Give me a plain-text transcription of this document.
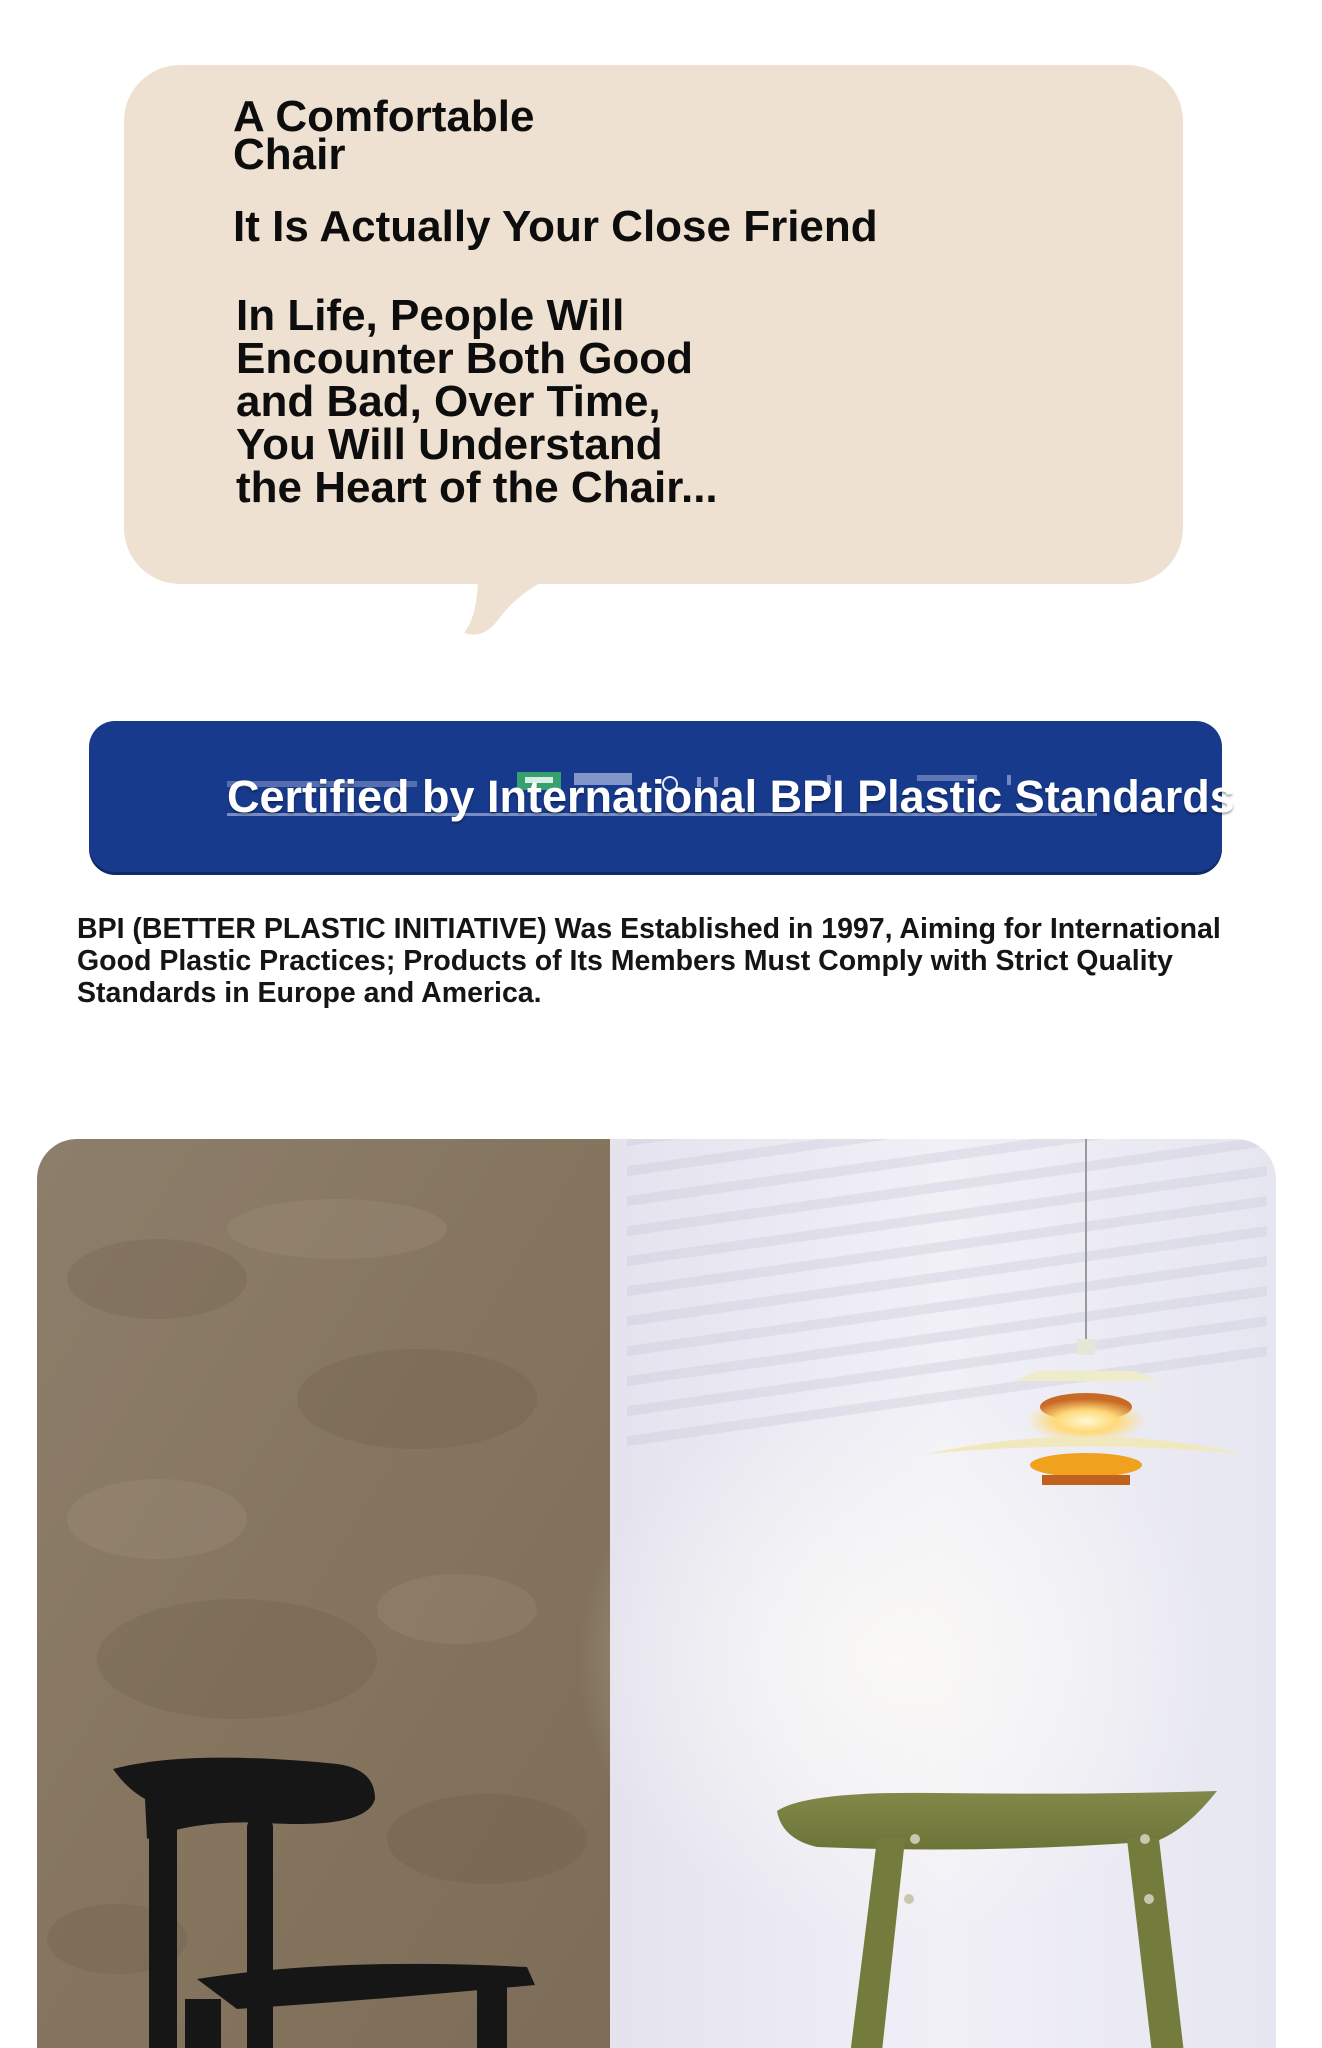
A Comfortable Chair
It Is Actually Your Close Friend
In Life, People Will
Encounter Both Good
and Bad, Over Time,
You Will Understand
the Heart of the Chair...
Certified by International BPI Plastic Standards

BPI (BETTER PLASTIC INITIATIVE) Was Established in 1997, Aiming for International Good Plastic Practices; Products of Its Members Must Comply with Strict Quality Standards in Europe and America.
